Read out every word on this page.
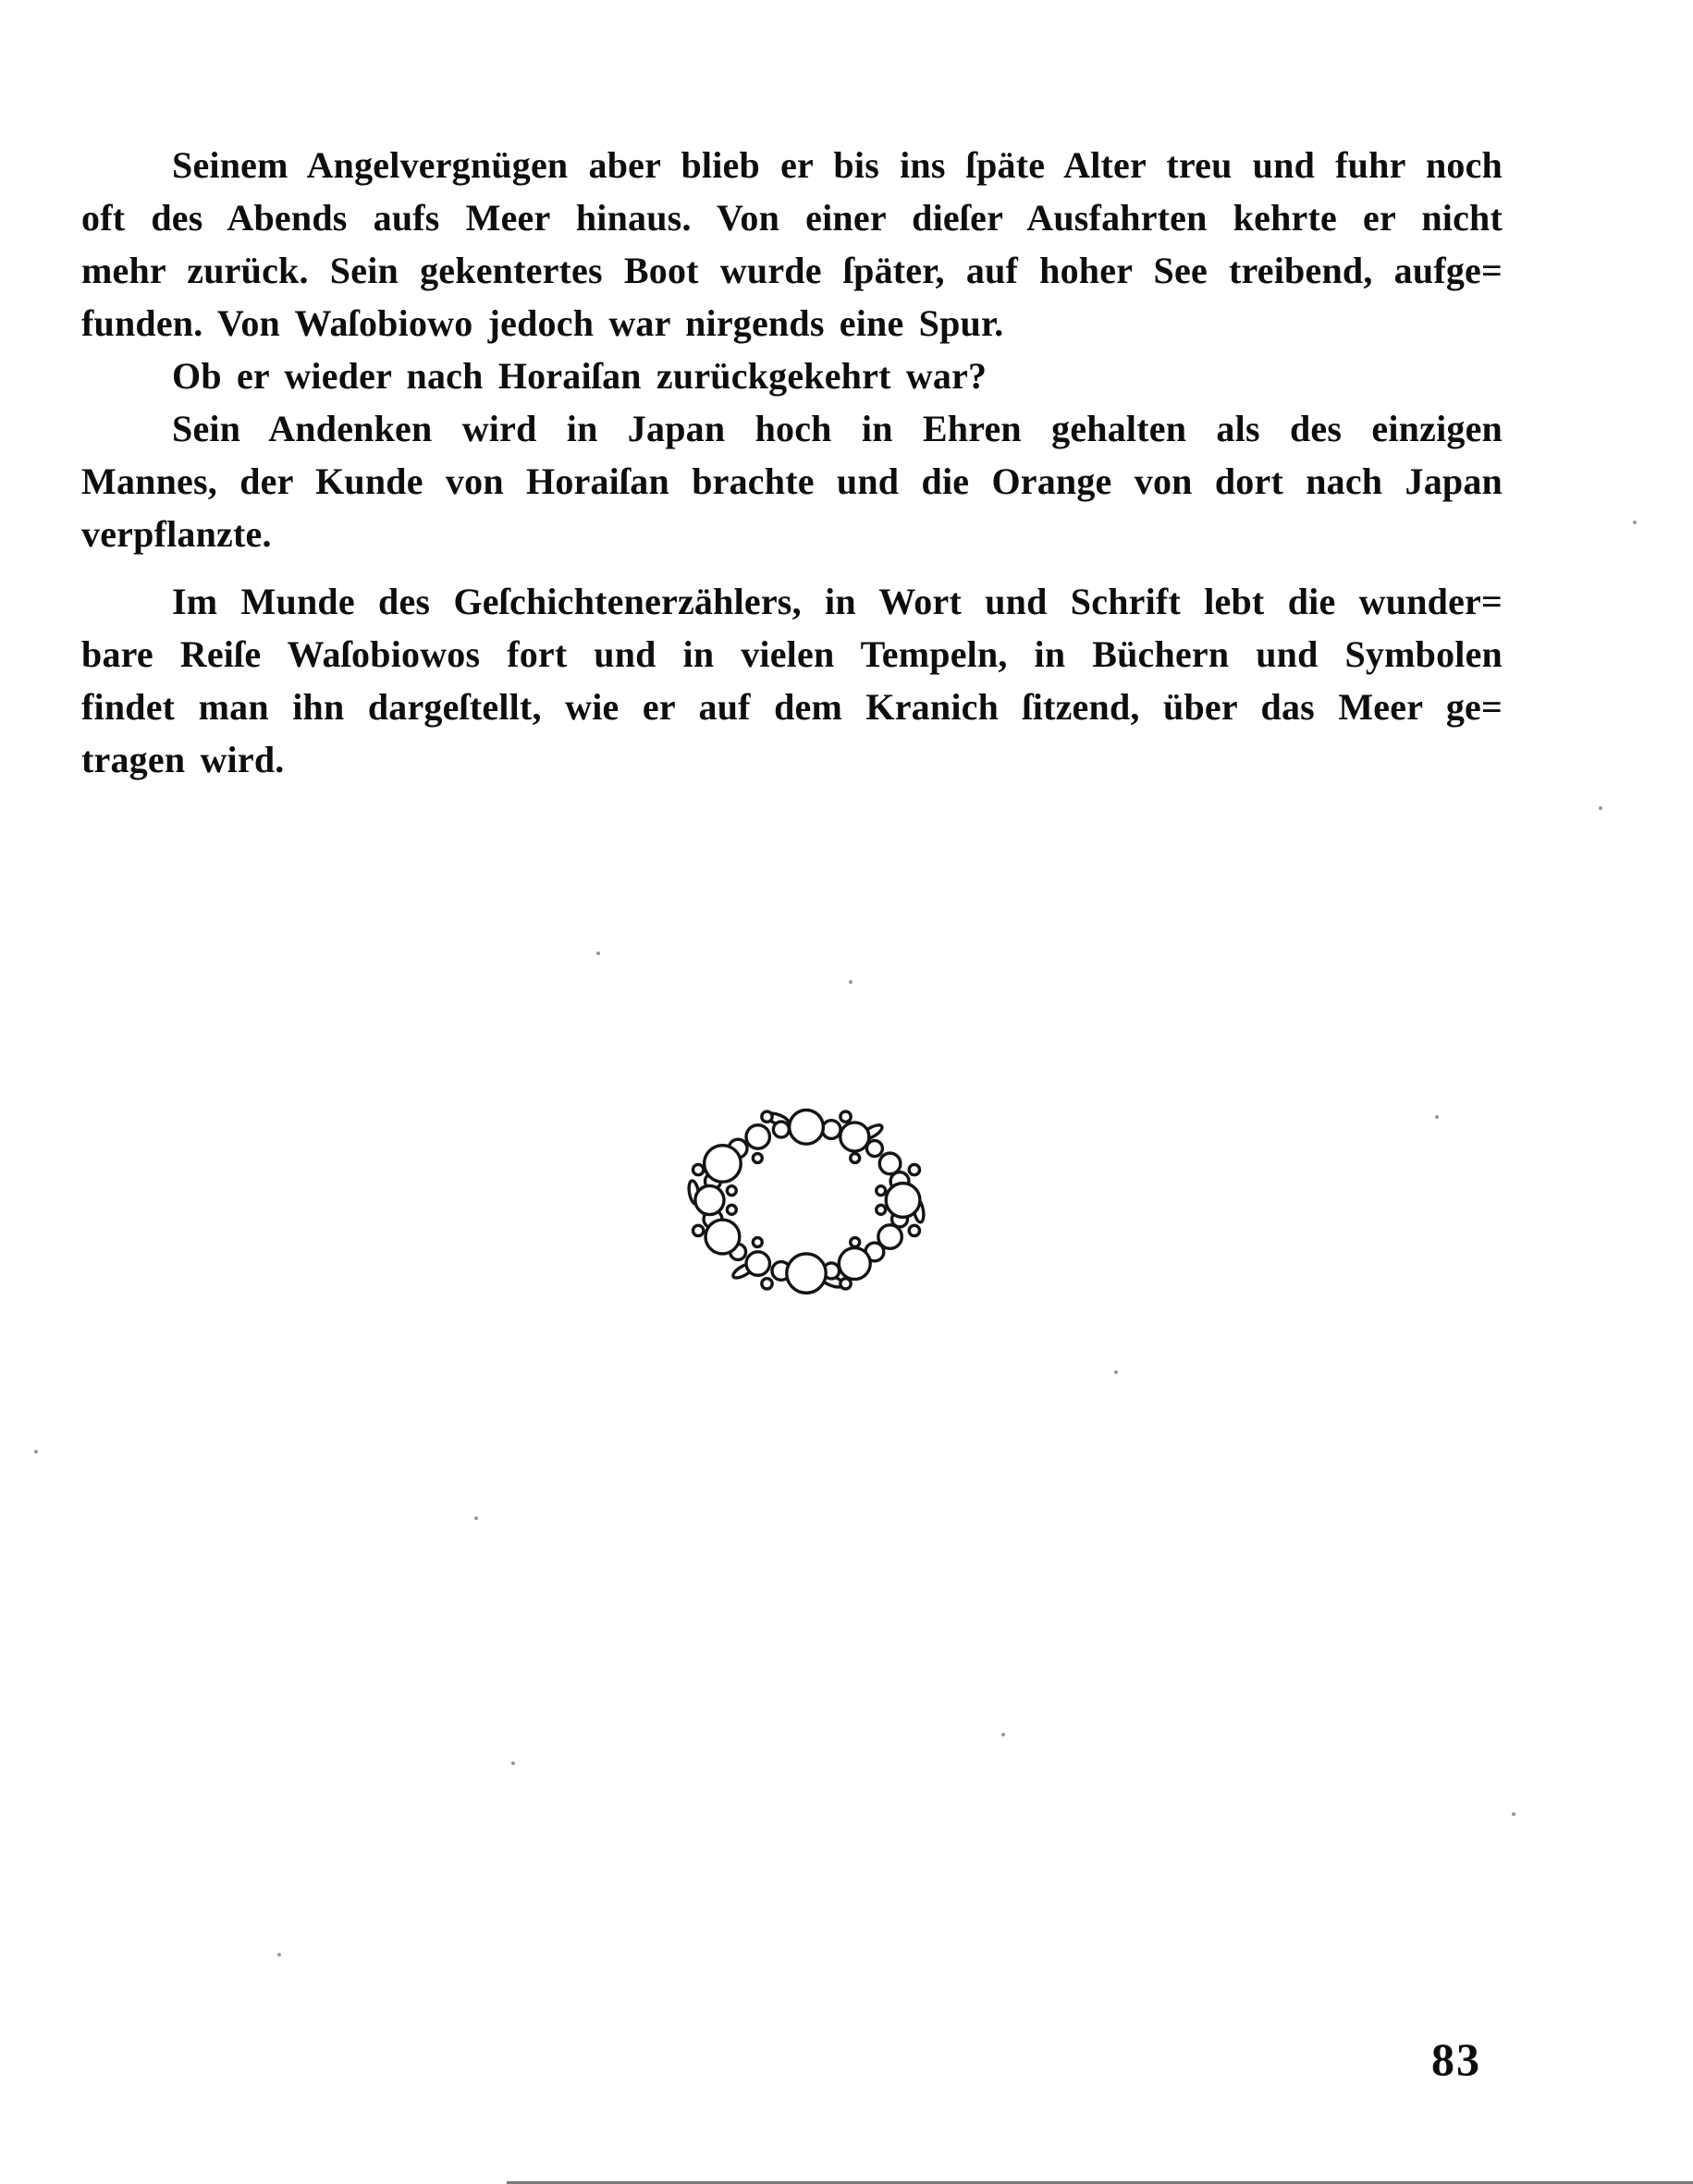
Seinem Angelvergnügen aber blieb er bis ins ſpäte Alter treu und fuhr noch
oft des Abends aufs Meer hinaus. Von einer dieſer Ausfahrten kehrte er nicht
mehr zurück. Sein gekentertes Boot wurde ſpäter, auf hoher See treibend, aufge=
funden. Von Waſobiowo jedoch war nirgends eine Spur.
Ob er wieder nach Horaiſan zurückgekehrt war?
Sein Andenken wird in Japan hoch in Ehren gehalten als des einzigen
Mannes, der Kunde von Horaiſan brachte und die Orange von dort nach Japan
verpflanzte.
Im Munde des Geſchichtenerzählers, in Wort und Schrift lebt die wunder=
bare Reiſe Waſobiowos fort und in vielen Tempeln, in Büchern und Symbolen
findet man ihn dargeſtellt, wie er auf dem Kranich ſitzend, über das Meer ge=
tragen wird.
83
